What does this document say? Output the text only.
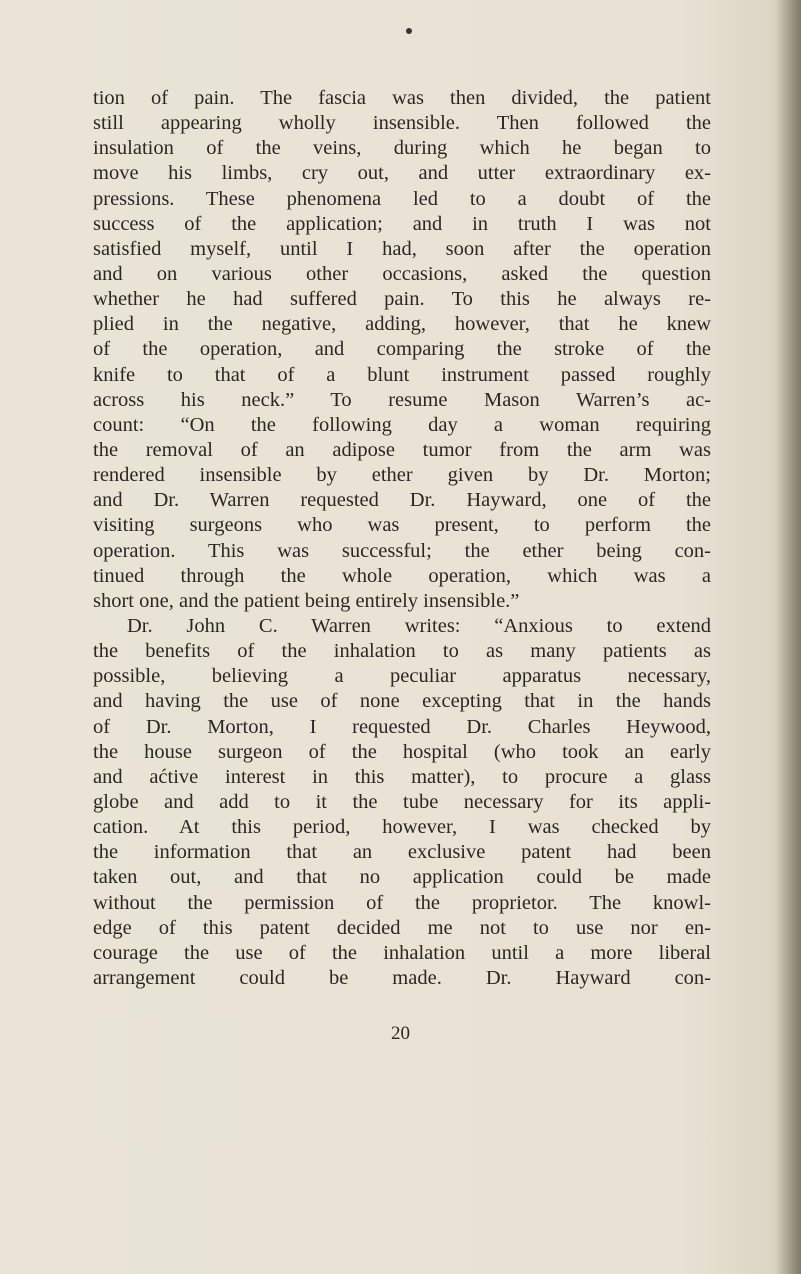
tion of pain. The fascia was then divided, the patient
still appearing wholly insensible. Then followed the
insulation of the veins, during which he began to
move his limbs, cry out, and utter extraordinary ex-
pressions. These phenomena led to a doubt of the
success of the application; and in truth I was not
satisfied myself, until I had, soon after the operation
and on various other occasions, asked the question
whether he had suffered pain. To this he always re-
plied in the negative, adding, however, that he knew
of the operation, and comparing the stroke of the
knife to that of a blunt instrument passed roughly
across his neck.” To resume Mason Warren’s ac-
count: “On the following day a woman requiring
the removal of an adipose tumor from the arm was
rendered insensible by ether given by Dr. Morton;
and Dr. Warren requested Dr. Hayward, one of the
visiting surgeons who was present, to perform the
operation. This was successful; the ether being con-
tinued through the whole operation, which was a
short one, and the patient being entirely insensible.”
Dr. John C. Warren writes: “Anxious to extend
the benefits of the inhalation to as many patients as
possible, believing a peculiar apparatus necessary,
and having the use of none excepting that in the hands
of Dr. Morton, I requested Dr. Charles Heywood,
the house surgeon of the hospital (who took an early
and aćtive interest in this matter), to procure a glass
globe and add to it the tube necessary for its appli-
cation. At this period, however, I was checked by
the information that an exclusive patent had been
taken out, and that no application could be made
without the permission of the proprietor. The knowl-
edge of this patent decided me not to use nor en-
courage the use of the inhalation until a more liberal
arrangement could be made. Dr. Hayward con-
20
